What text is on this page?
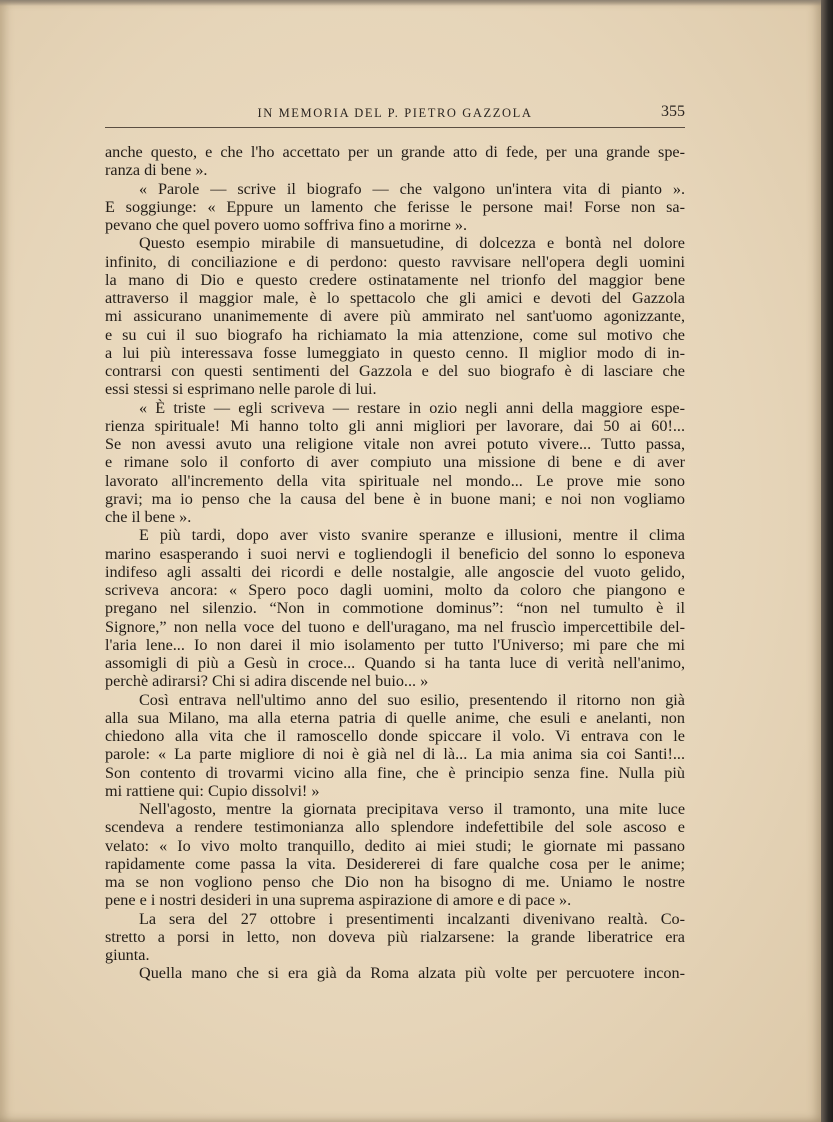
IN MEMORIA DEL P. PIETRO GAZZOLA	355
anche questo, e che l'ho accettato per un grande atto di fede, per una grande spe-
ranza di bene ».
« Parole — scrive il biografo — che valgono un'intera vita di pianto ».
E soggiunge: « Eppure un lamento che ferisse le persone mai! Forse non sa-
pevano che quel povero uomo soffriva fino a morirne ».
Questo esempio mirabile di mansuetudine, di dolcezza e bontà nel dolore
infinito, di conciliazione e di perdono: questo ravvisare nell'opera degli uomini
la mano di Dio e questo credere ostinatamente nel trionfo del maggior bene
attraverso il maggior male, è lo spettacolo che gli amici e devoti del Gazzola
mi assicurano unanimemente di avere più ammirato nel sant'uomo agonizzante,
e su cui il suo biografo ha richiamato la mia attenzione, come sul motivo che
a lui più interessava fosse lumeggiato in questo cenno. Il miglior modo di in-
contrarsi con questi sentimenti del Gazzola e del suo biografo è di lasciare che
essi stessi si esprimano nelle parole di lui.
« È triste — egli scriveva — restare in ozio negli anni della maggiore espe-
rienza spirituale! Mi hanno tolto gli anni migliori per lavorare, dai 50 ai 60!...
Se non avessi avuto una religione vitale non avrei potuto vivere... Tutto passa,
e rimane solo il conforto di aver compiuto una missione di bene e di aver
lavorato all'incremento della vita spirituale nel mondo... Le prove mie sono
gravi; ma io penso che la causa del bene è in buone mani; e noi non vogliamo
che il bene ».
E più tardi, dopo aver visto svanire speranze e illusioni, mentre il clima
marino esasperando i suoi nervi e togliendogli il beneficio del sonno lo esponeva
indifeso agli assalti dei ricordi e delle nostalgie, alle angoscie del vuoto gelido,
scriveva ancora: « Spero poco dagli uomini, molto da coloro che piangono e
pregano nel silenzio. “Non in commotione dominus”: “non nel tumulto è il
Signore,” non nella voce del tuono e dell'uragano, ma nel fruscìo impercettibile del-
l'aria lene... Io non darei il mio isolamento per tutto l'Universo; mi pare che mi
assomigli di più a Gesù in croce... Quando si ha tanta luce di verità nell'animo,
perchè adirarsi? Chi si adira discende nel buio... »
Così entrava nell'ultimo anno del suo esilio, presentendo il ritorno non già
alla sua Milano, ma alla eterna patria di quelle anime, che esuli e anelanti, non
chiedono alla vita che il ramoscello donde spiccare il volo. Vi entrava con le
parole: « La parte migliore di noi è già nel di là... La mia anima sia coi Santi!...
Son contento di trovarmi vicino alla fine, che è principio senza fine. Nulla più
mi rattiene qui: Cupio dissolvi! »
Nell'agosto, mentre la giornata precipitava verso il tramonto, una mite luce
scendeva a rendere testimonianza allo splendore indefettibile del sole ascoso e
velato: « Io vivo molto tranquillo, dedito ai miei studi; le giornate mi passano
rapidamente come passa la vita. Desidererei di fare qualche cosa per le anime;
ma se non vogliono penso che Dio non ha bisogno di me. Uniamo le nostre
pene e i nostri desideri in una suprema aspirazione di amore e di pace ».
La sera del 27 ottobre i presentimenti incalzanti divenivano realtà. Co-
stretto a porsi in letto, non doveva più rialzarsene: la grande liberatrice era
giunta.
Quella mano che si era già da Roma alzata più volte per percuotere incon-
